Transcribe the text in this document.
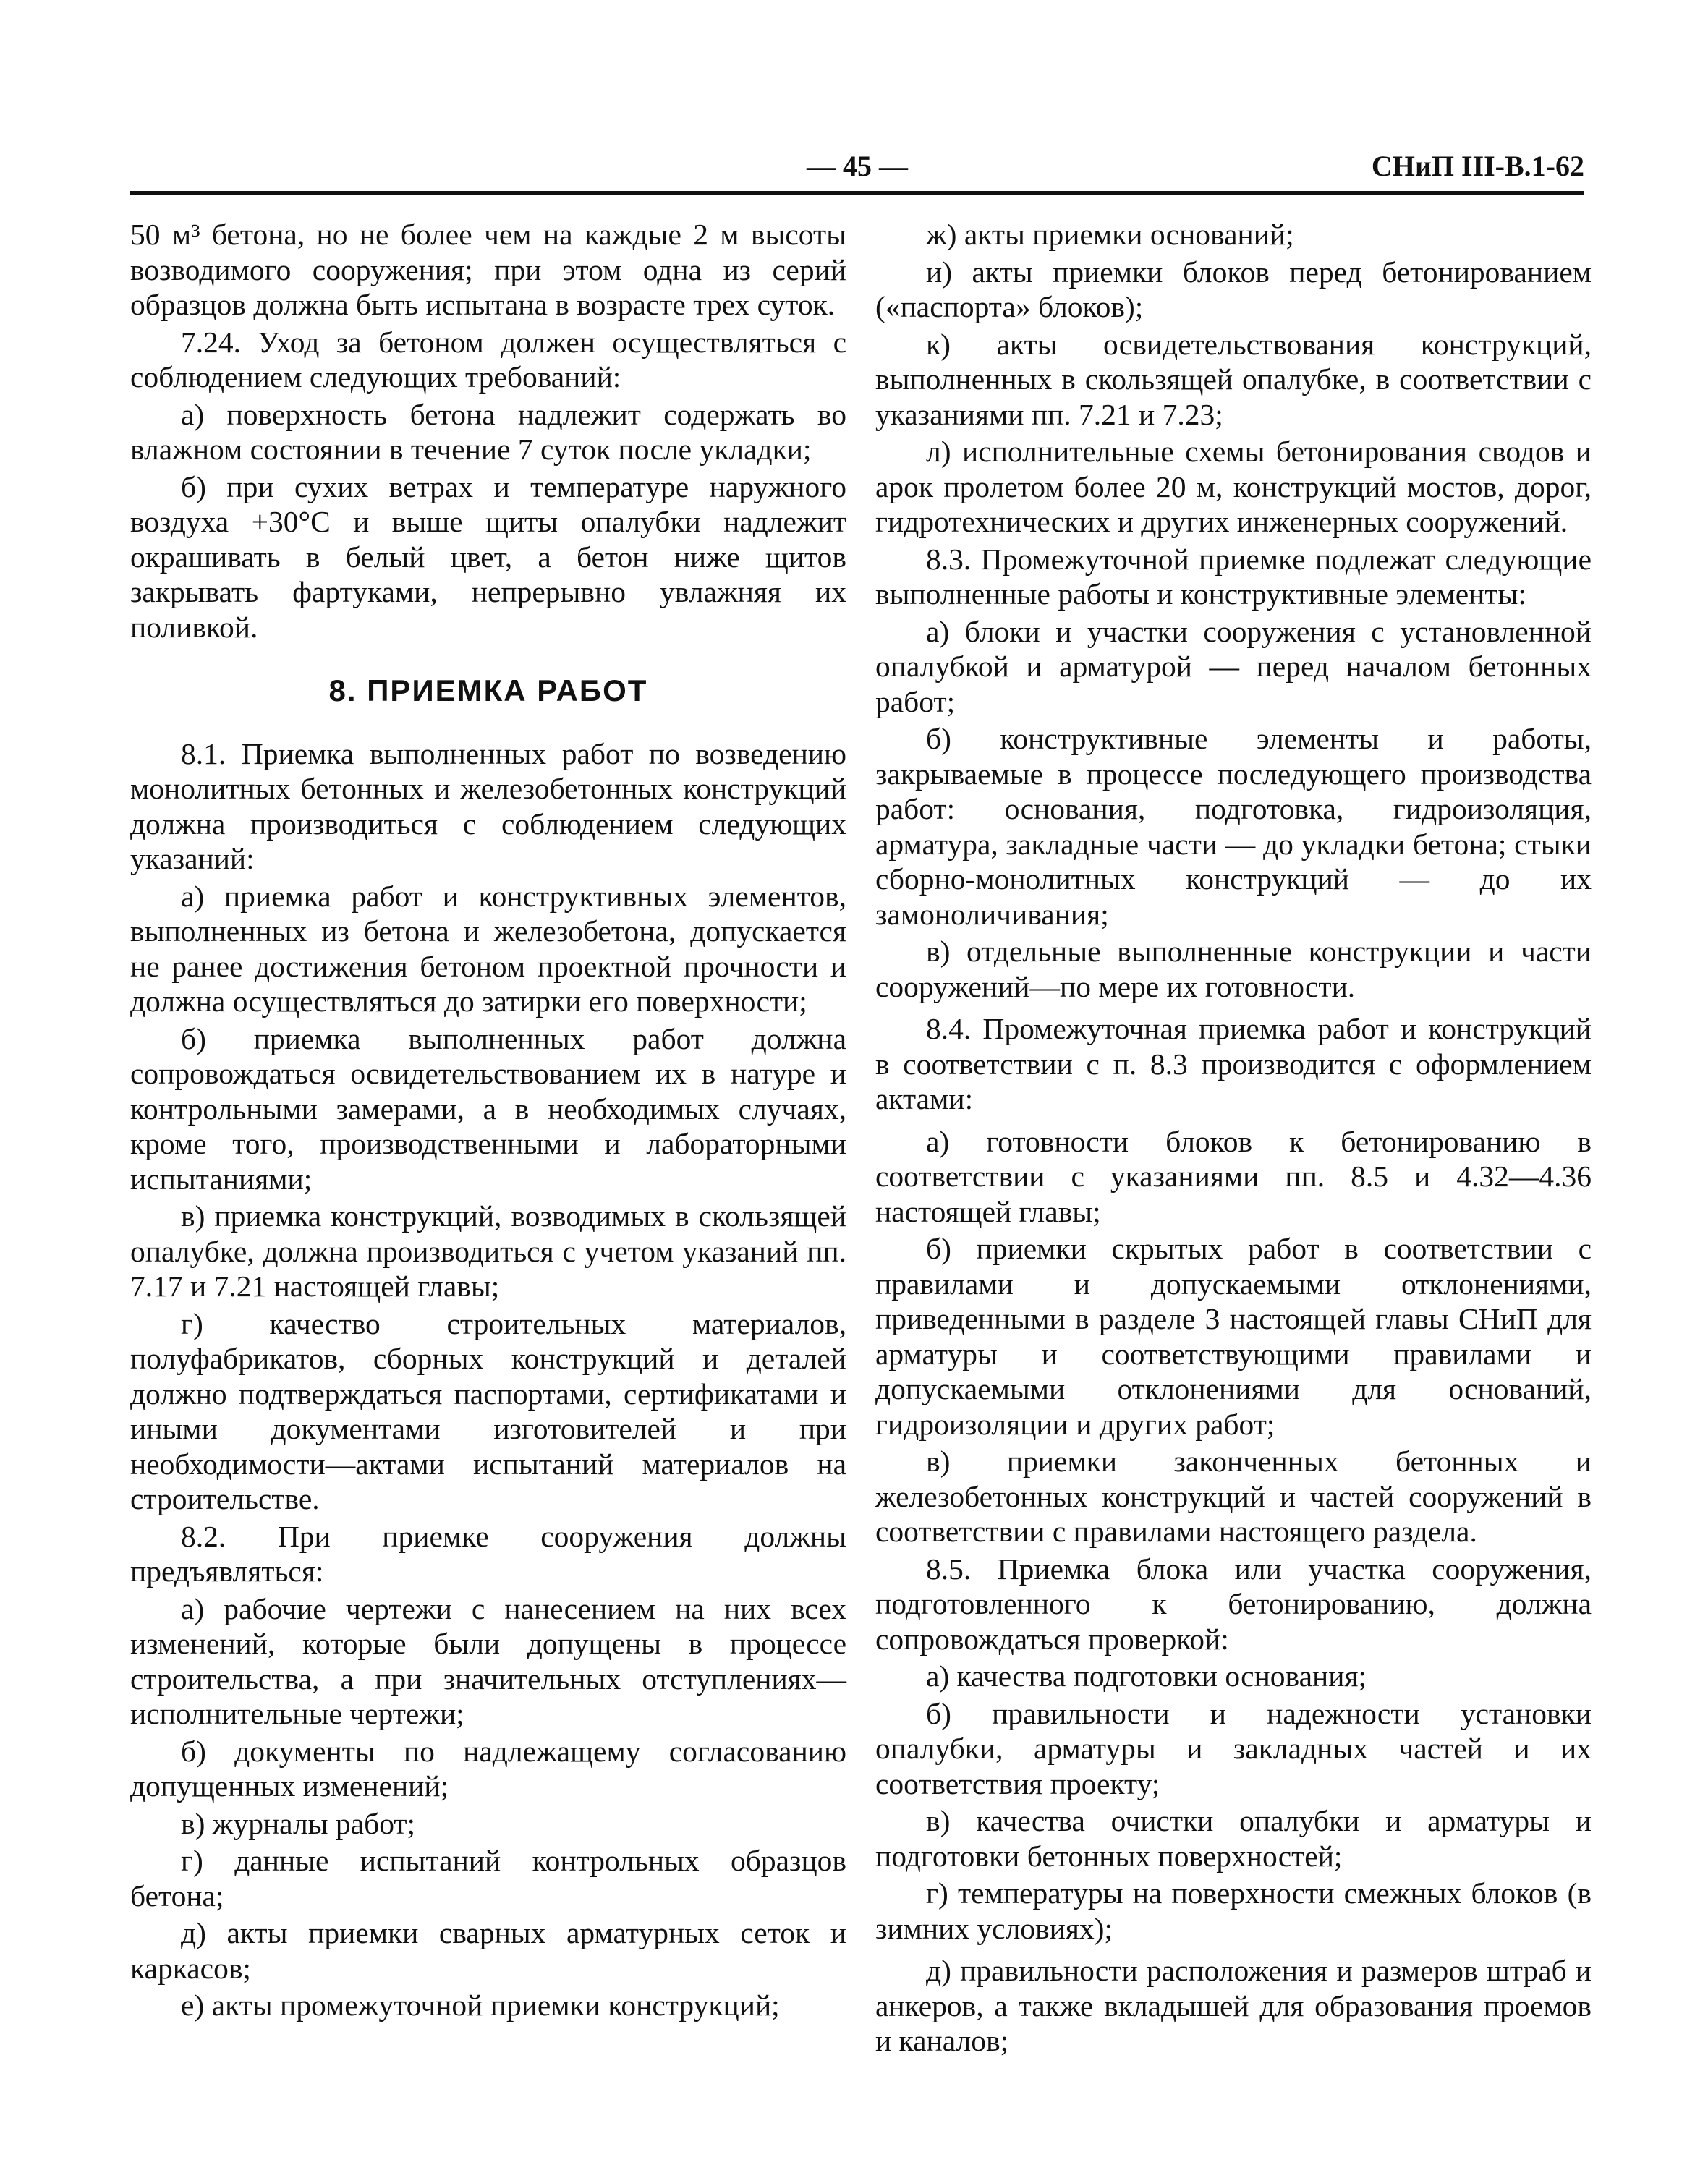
— 45 —	СНиП III-В.1-62

50 м³ бетона, но не более чем на каждые 2 м высоты возводимого сооружения; при этом одна из серий образцов должна быть испытана в возрасте трех суток.

7.24. Уход за бетоном должен осуществляться с соблюдением следующих требований:

а) поверхность бетона надлежит содержать во влажном состоянии в течение 7 суток после укладки;

б) при сухих ветрах и температуре наружного воздуха +30°С и выше щиты опалубки надлежит окрашивать в белый цвет, а бетон ниже щитов закрывать фартуками, непрерывно увлажняя их поливкой.

8. ПРИЕМКА РАБОТ

8.1. Приемка выполненных работ по возведению монолитных бетонных и железобетонных конструкций должна производиться с соблюдением следующих указаний:

а) приемка работ и конструктивных элементов, выполненных из бетона и железобетона, допускается не ранее достижения бетоном проектной прочности и должна осуществляться до затирки его поверхности;

б) приемка выполненных работ должна сопровождаться освидетельствованием их в натуре и контрольными замерами, а в необходимых случаях, кроме того, производственными и лабораторными испытаниями;

в) приемка конструкций, возводимых в скользящей опалубке, должна производиться с учетом указаний пп. 7.17 и 7.21 настоящей главы;

г) качество строительных материалов, полуфабрикатов, сборных конструкций и деталей должно подтверждаться паспортами, сертификатами и иными документами изготовителей и при необходимости—актами испытаний материалов на строительстве.

8.2. При приемке сооружения должны предъявляться:

а) рабочие чертежи с нанесением на них всех изменений, которые были допущены в процессе строительства, а при значительных отступлениях—исполнительные чертежи;

б) документы по надлежащему согласованию допущенных изменений;

в) журналы работ;

г) данные испытаний контрольных образцов бетона;

д) акты приемки сварных арматурных сеток и каркасов;

е) акты промежуточной приемки конструкций;

ж) акты приемки оснований;

и) акты приемки блоков перед бетонированием («паспорта» блоков);

к) акты освидетельствования конструкций, выполненных в скользящей опалубке, в соответствии с указаниями пп. 7.21 и 7.23;

л) исполнительные схемы бетонирования сводов и арок пролетом более 20 м, конструкций мостов, дорог, гидротехнических и других инженерных сооружений.

8.3. Промежуточной приемке подлежат следующие выполненные работы и конструктивные элементы:

а) блоки и участки сооружения с установленной опалубкой и арматурой — перед началом бетонных работ;

б) конструктивные элементы и работы, закрываемые в процессе последующего производства работ: основания, подготовка, гидроизоляция, арматура, закладные части — до укладки бетона; стыки сборно-монолитных конструкций — до их замоноличивания;

в) отдельные выполненные конструкции и части сооружений—по мере их готовности.

8.4. Промежуточная приемка работ и конструкций в соответствии с п. 8.3 производится с оформлением актами:

а) готовности блоков к бетонированию в соответствии с указаниями пп. 8.5 и 4.32—4.36 настоящей главы;

б) приемки скрытых работ в соответствии с правилами и допускаемыми отклонениями, приведенными в разделе 3 настоящей главы СНиП для арматуры и соответствующими правилами и допускаемыми отклонениями для оснований, гидроизоляции и других работ;

в) приемки законченных бетонных и железобетонных конструкций и частей сооружений в соответствии с правилами настоящего раздела.

8.5. Приемка блока или участка сооружения, подготовленного к бетонированию, должна сопровождаться проверкой:

а) качества подготовки основания;

б) правильности и надежности установки опалубки, арматуры и закладных частей и их соответствия проекту;

в) качества очистки опалубки и арматуры и подготовки бетонных поверхностей;

г) температуры на поверхности смежных блоков (в зимних условиях);

д) правильности расположения и размеров штраб и анкеров, а также вкладышей для образования проемов и каналов;
